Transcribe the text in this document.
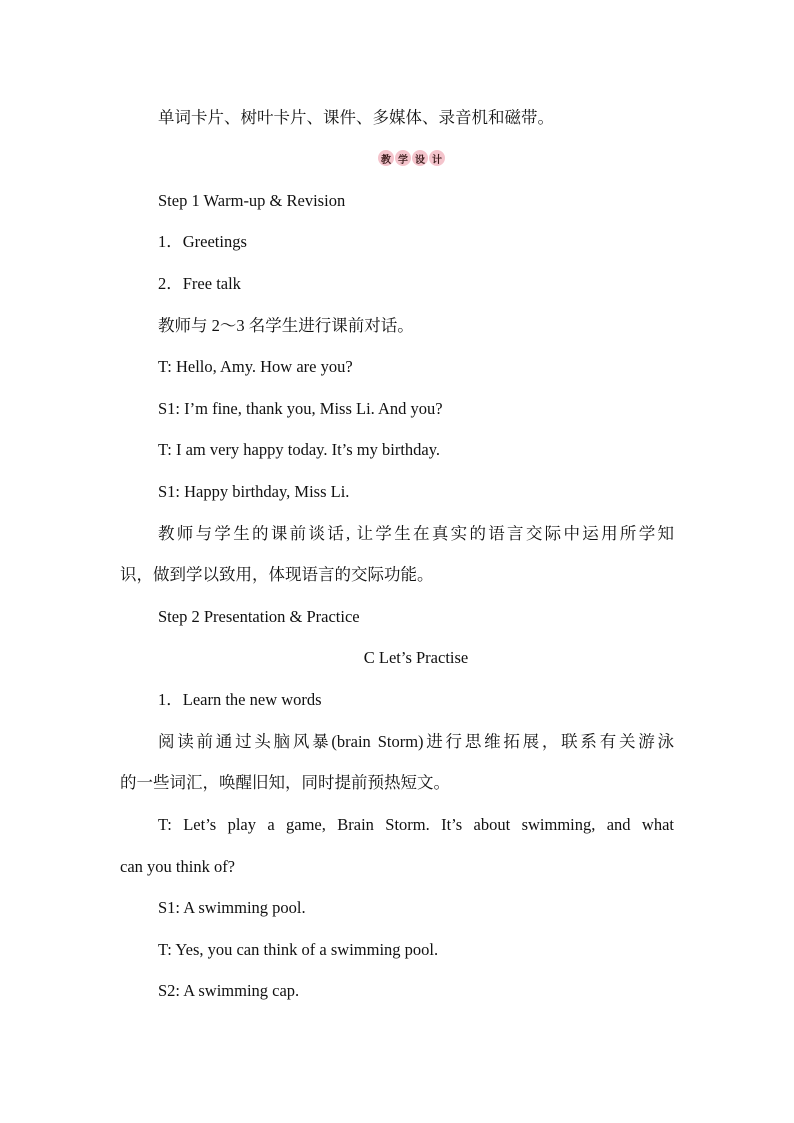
单词卡片、树叶卡片、课件、多媒体、录音机和磁带。
教 学 设 计
Step 1 Warm-up & Revision
1．Greetings
2．Free talk
教师与 2～3 名学生进行课前对话。
T: Hello, Amy. How are you?
S1: I’m fine, thank you, Miss Li. And you?
T: I am very happy today. It’s my birthday.
S1: Happy birthday, Miss Li.
教师与学生的课前谈话, 让学生在真实的语言交际中运用所学知
识，做到学以致用，体现语言的交际功能。
Step 2 Presentation & Practice
C Let’s Practise
1．Learn the new words
阅读前通过头脑风暴(brain Storm)进行思维拓展，联系有关游泳
的一些词汇，唤醒旧知，同时提前预热短文。
T: Let’s play a game, Brain Storm. It’s about swimming, and what
can you think of?
S1: A swimming pool.
T: Yes, you can think of a swimming pool.
S2: A swimming cap.
